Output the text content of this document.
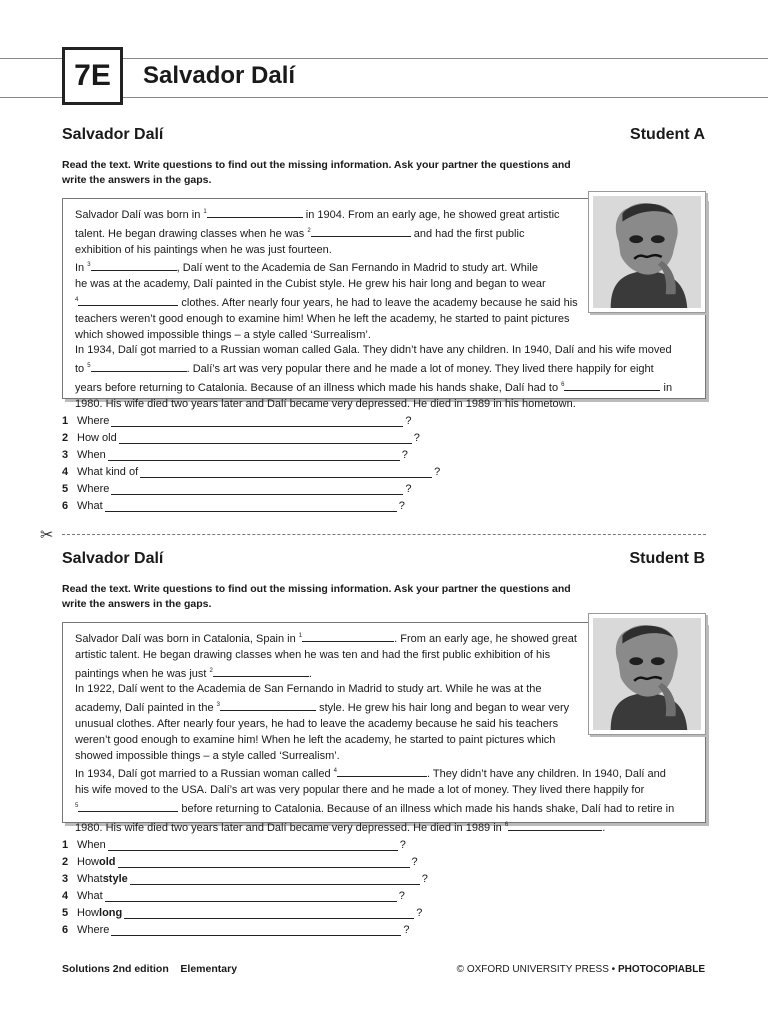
7E	Salvador Dalí
Salvador Dalí	Student A
Read the text. Write questions to find out the missing information. Ask your partner the questions and
write the answers in the gaps.

Salvador Dalí was born in $^1$	in 1904. From an early age, he showed great artistic

talent. He began drawing classes when he was $^2$	and had the first public

exhibition of his paintings when he was just fourteen.

In $^3$	, Dalí went to the Academia de San Fernando in Madrid to study art. While

he was at the academy, Dalí painted in the Cubist style. He grew his hair long and began to wear

$^4$	clothes. After nearly four years, he had to leave the academy because he said his

teachers weren’t good enough to examine him! When he left the academy, he started to paint pictures

which showed impossible things – a style called ‘Surrealism’.

In 1934, Dalí got married to a Russian woman called Gala. They didn’t have any children. In 1940, Dalí and his wife moved

to $^5$	. Dalí’s art was very popular there and he made a lot of money. They lived there happily for eight

years before returning to Catalonia. Because of an illness which made his hands shake, Dalí had to $^6$	in

1980. His wife died two years later and Dalí became very depressed. He died in 1989 in his hometown.

1 Where	?
2 How old	?
3 When	?
4 What kind of	?
5 Where	?
6 What	?
✂
Salvador Dalí	Student B
Read the text. Write questions to find out the missing information. Ask your partner the questions and
write the answers in the gaps.

Salvador Dalí was born in Catalonia, Spain in $^1$	. From an early age, he showed great

artistic talent. He began drawing classes when he was ten and had the first public exhibition of his

paintings when he was just $^2$	.

In 1922, Dalí went to the Academia de San Fernando in Madrid to study art. While he was at the

academy, Dalí painted in the $^3$	style. He grew his hair long and began to wear very

unusual clothes. After nearly four years, he had to leave the academy because he said his teachers

weren’t good enough to examine him! When he left the academy, he started to paint pictures which

showed impossible things – a style called ‘Surrealism’.

In 1934, Dalí got married to a Russian woman called $^4$	. They didn’t have any children. In 1940, Dalí and

his wife moved to the USA. Dalí’s art was very popular there and he made a lot of money. They lived there happily for

$^5$	before returning to Catalonia. Because of an illness which made his hands shake, Dalí had to retire in

1980. His wife died two years later and Dalí became very depressed. He died in 1989 in $^6$	.

1 When	?
2 How old	?
3 What style	?
4 What	?
5 How long	?
6 Where	?
Solutions 2nd edition Elementary	© OXFORD UNIVERSITY PRESS • PHOTOCOPIABLE
